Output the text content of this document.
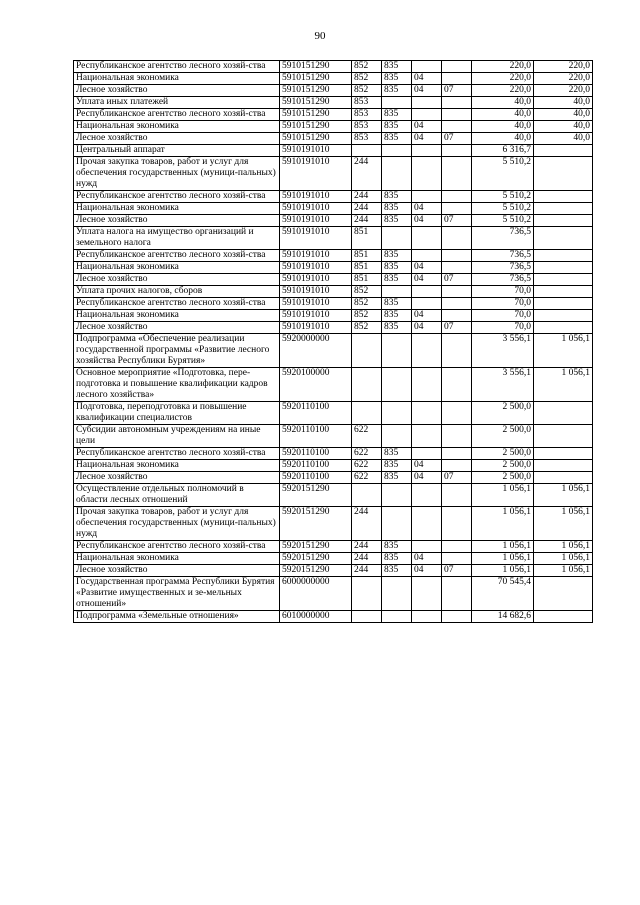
90
Республиканское агентство лесного хозяй-ства	5910151290	852	835			220,0	220,0
Национальная экономика	5910151290	852	835	04		220,0	220,0
Лесное хозяйство	5910151290	852	835	04	07	220,0	220,0
Уплата иных платежей	5910151290	853				40,0	40,0
Республиканское агентство лесного хозяй-ства	5910151290	853	835			40,0	40,0
Национальная экономика	5910151290	853	835	04		40,0	40,0
Лесное хозяйство	5910151290	853	835	04	07	40,0	40,0
Центральный аппарат	5910191010					6 316,7	
Прочая закупка товаров, работ и услуг для обеспечения государственных (муници-пальных) нужд	5910191010	244				5 510,2	
Республиканское агентство лесного хозяй-ства	5910191010	244	835			5 510,2	
Национальная экономика	5910191010	244	835	04		5 510,2	
Лесное хозяйство	5910191010	244	835	04	07	5 510,2	
Уплата налога на имущество организаций и земельного налога	5910191010	851				736,5	
Республиканское агентство лесного хозяй-ства	5910191010	851	835			736,5	
Национальная экономика	5910191010	851	835	04		736,5	
Лесное хозяйство	5910191010	851	835	04	07	736,5	
Уплата прочих налогов, сборов	5910191010	852				70,0	
Республиканское агентство лесного хозяй-ства	5910191010	852	835			70,0	
Национальная экономика	5910191010	852	835	04		70,0	
Лесное хозяйство	5910191010	852	835	04	07	70,0	
Подпрограмма «Обеспечение реализации государственной программы «Развитие лесного хозяйства Республики Бурятия»	5920000000					3 556,1	1 056,1
Основное мероприятие «Подготовка, пере-подготовка и повышение квалификации кадров лесного хозяйства»	5920100000					3 556,1	1 056,1
Подготовка, переподготовка и повышение квалификации специалистов	5920110100					2 500,0	
Субсидии автономным учреждениям на иные цели	5920110100	622				2 500,0	
Республиканское агентство лесного хозяй-ства	5920110100	622	835			2 500,0	
Национальная экономика	5920110100	622	835	04		2 500,0	
Лесное хозяйство	5920110100	622	835	04	07	2 500,0	
Осуществление отдельных полномочий в области лесных отношений	5920151290					1 056,1	1 056,1
Прочая закупка товаров, работ и услуг для обеспечения государственных (муници-пальных) нужд	5920151290	244				1 056,1	1 056,1
Республиканское агентство лесного хозяй-ства	5920151290	244	835			1 056,1	1 056,1
Национальная экономика	5920151290	244	835	04		1 056,1	1 056,1
Лесное хозяйство	5920151290	244	835	04	07	1 056,1	1 056,1
Государственная программа Республики Бурятия «Развитие имущественных и зе-мельных отношений»	6000000000					70 545,4	
Подпрограмма «Земельные отношения»	6010000000					14 682,6	
